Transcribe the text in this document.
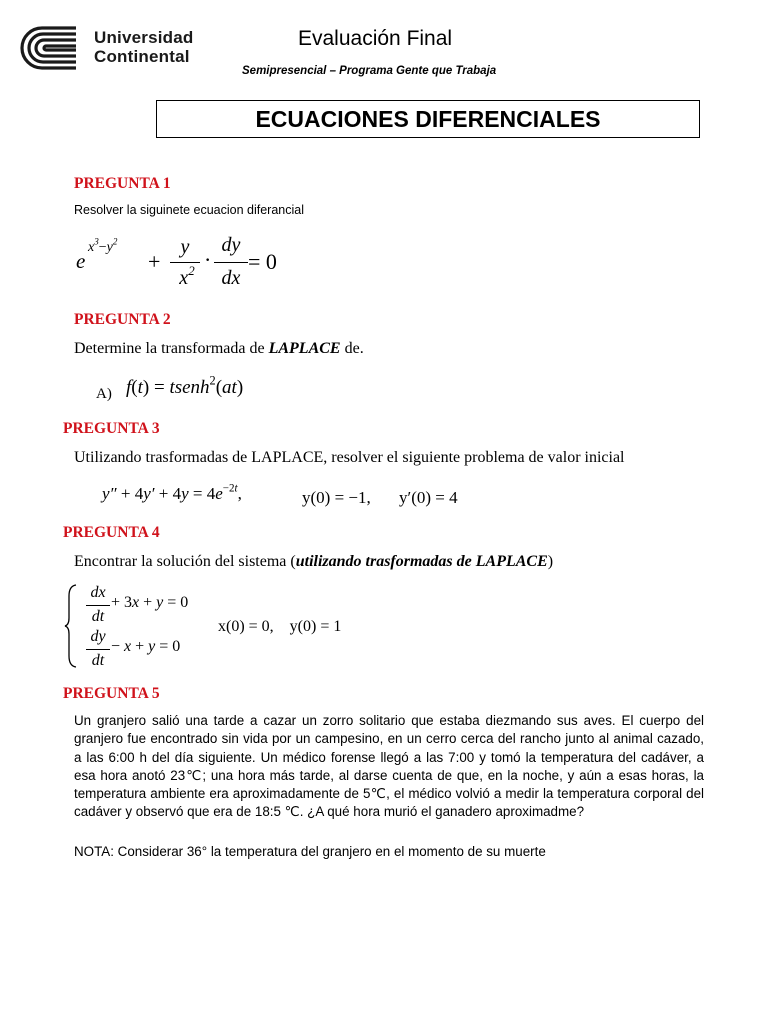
Universidad
Continental
Evaluación Final
Semipresencial – Programa Gente que Trabaja
ECUACIONES DIFERENCIALES
PREGUNTA 1
Resolver la siguinete ecuacion diferancial
e
$x^3-y^2$
+
y
$x^2$ ·
dy
dx
= 0
PREGUNTA 2
Determine la transformada de LAPLACE de.
A) f(t) = tsenh$^2$(at)
PREGUNTA 3
Utilizando trasformadas de LAPLACE, resolver el siguiente problema de valor inicial
$y'' + 4y' + 4y = 4e^{-2t}$,	y(0) = −1, y′(0) = 4
PREGUNTA 4
Encontrar la solución del sistema (utilizando trasformadas de LAPLACE)
dx
dt
+ 3x + y = 0
dy
dt
− x + y = 0
x(0) = 0,    y(0) = 1
PREGUNTA 5
Un granjero salió una tarde a cazar un zorro solitario que estaba diezmando sus aves. El cuerpo del granjero fue encontrado sin vida por un campesino, en un cerro cerca del rancho junto al animal cazado, a las 6:00 h del día siguiente. Un médico forense llegó a las 7:00 y tomó la temperatura del cadáver, a esa hora anotó 23℃; una hora más tarde, al darse cuenta de que, en la noche, y aún a esas horas, la temperatura ambiente era aproximadamente de 5℃, el médico volvió a medir la temperatura corporal del cadáver y observó que era de 18:5 ℃. ¿A qué hora murió el ganadero aproximadme?
NOTA: Considerar 36° la temperatura del granjero en el momento de su muerte
